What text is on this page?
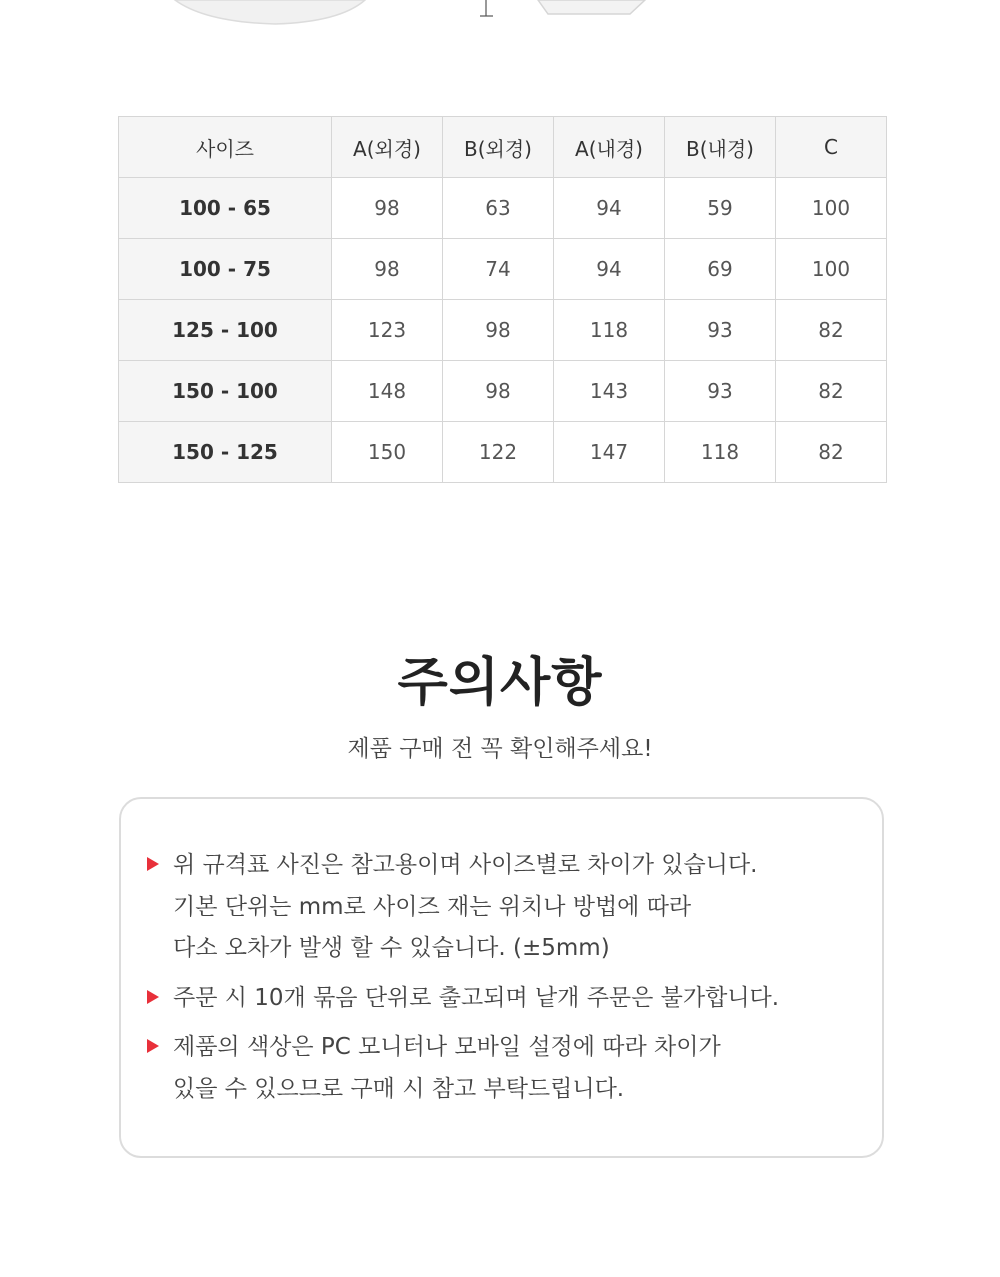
사이즈	A(외경)	B(외경)	A(내경)	B(내경)	C
100 - 65	98	63	94	59	100
100 - 75	98	74	94	69	100
125 - 100	123	98	118	93	82
150 - 100	148	98	143	93	82
150 - 125	150	122	147	118	82
주의사항
제품 구매 전 꼭 확인해주세요!
위 규격표 사진은 참고용이며 사이즈별로 차이가 있습니다.
기본 단위는 mm로 사이즈 재는 위치나 방법에 따라
다소 오차가 발생 할 수 있습니다. (±5mm)
주문 시 10개 묶음 단위로 출고되며 낱개 주문은 불가합니다.
제품의 색상은 PC 모니터나 모바일 설정에 따라 차이가
있을 수 있으므로 구매 시 참고 부탁드립니다.
